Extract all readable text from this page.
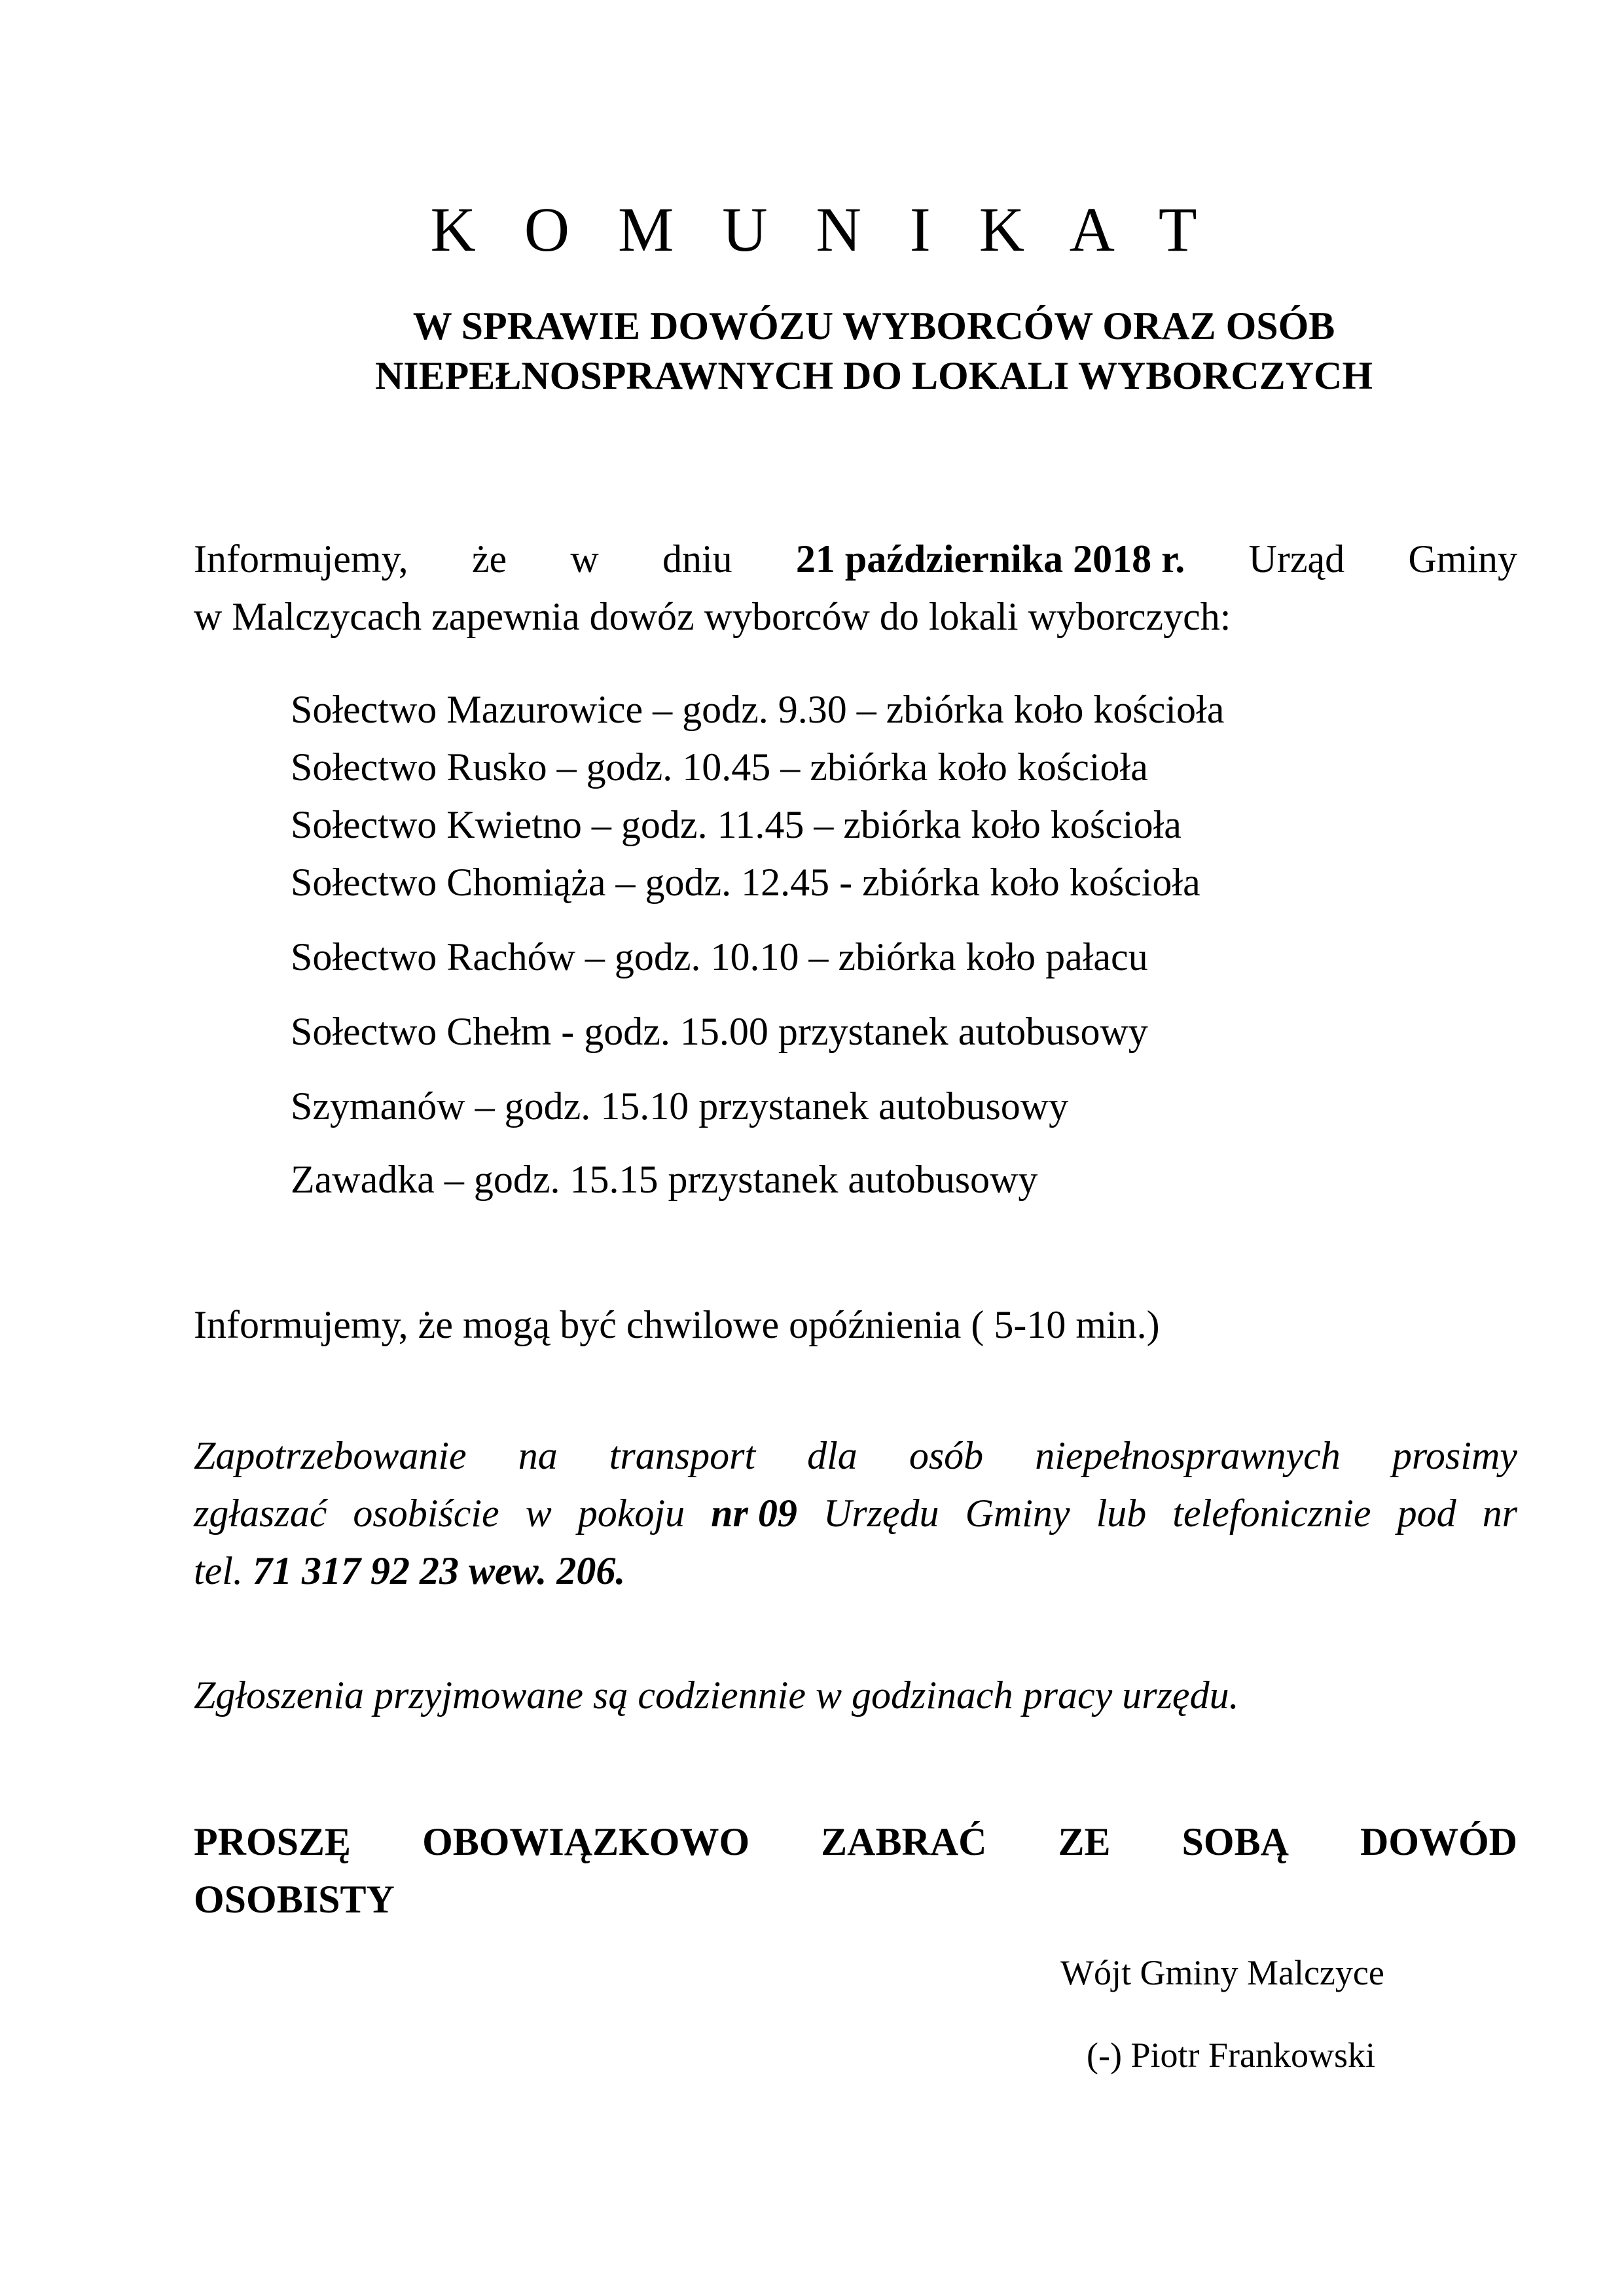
K O M U N I K A T
W SPRAWIE DOWÓZU WYBORCÓW ORAZ OSÓB
NIEPEŁNOSPRAWNYCH DO LOKALI WYBORCZYCH
Informujemy, że w dniu 21 października 2018 r. Urząd Gminy
w Malczycach zapewnia dowóz wyborców do lokali wyborczych:
Sołectwo Mazurowice – godz. 9.30 – zbiórka koło kościoła
Sołectwo Rusko – godz. 10.45 – zbiórka koło kościoła
Sołectwo Kwietno – godz. 11.45 – zbiórka koło kościoła
Sołectwo Chomiąża – godz. 12.45 - zbiórka koło kościoła
Sołectwo Rachów – godz. 10.10 – zbiórka koło pałacu
Sołectwo Chełm - godz. 15.00 przystanek autobusowy
Szymanów – godz. 15.10 przystanek autobusowy
Zawadka – godz. 15.15 przystanek autobusowy
Informujemy, że mogą być chwilowe opóźnienia ( 5-10 min.)
Zapotrzebowanie na transport dla osób niepełnosprawnych prosimy
zgłaszać osobiście w pokoju nr 09 Urzędu Gminy lub telefonicznie pod nr
tel. 71 317 92 23 wew. 206.
Zgłoszenia przyjmowane są codziennie w godzinach pracy urzędu.
PROSZĘ OBOWIĄZKOWO ZABRAĆ ZE SOBĄ DOWÓD
OSOBISTY
Wójt Gminy Malczyce
(-) Piotr Frankowski
